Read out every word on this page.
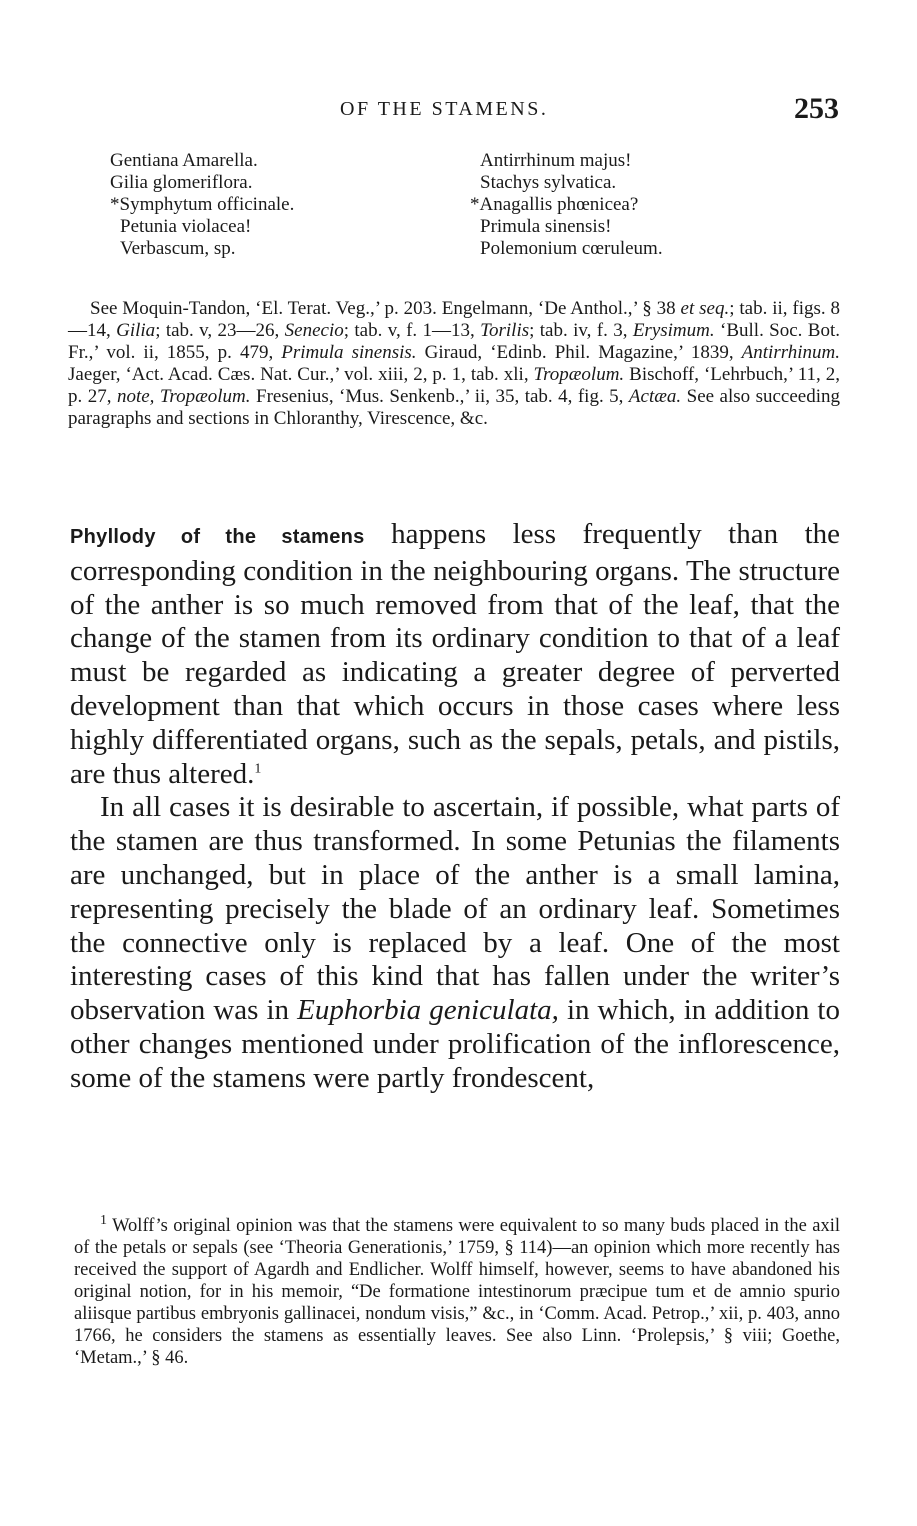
OF THE STAMENS.	253
Gentiana Amarella.
Gilia glomeriflora.
*Symphytum officinale.
Petunia violacea!
Verbascum, sp.
Antirrhinum majus!
Stachys sylvatica.
*Anagallis phœnicea?
Primula sinensis!
Polemonium cœruleum.

See Moquin-Tandon, ‘El. Terat. Veg.,’ p. 203. Engelmann, ‘De Anthol.,’ § 38 et seq.; tab. ii, figs. 8—14, Gilia; tab. v, 23—26, Senecio; tab. v, f. 1—13, Torilis; tab. iv, f. 3, Erysimum. ‘Bull. Soc. Bot. Fr.,’ vol. ii, 1855, p. 479, Primula sinensis. Giraud, ‘Edinb. Phil. Magazine,’ 1839, Antirrhinum. Jaeger, ‘Act. Acad. Cæs. Nat. Cur.,’ vol. xiii, 2, p. 1, tab. xli, Tropæolum. Bischoff, ‘Lehrbuch,’ 11, 2, p. 27, note, Tropæolum. Fresenius, ‘Mus. Senkenb.,’ ii, 35, tab. 4, fig. 5, Actæa. See also succeeding paragraphs and sections in Chloranthy, Virescence, &c.

Phyllody of the stamens happens less frequently than the corresponding condition in the neighbouring organs. The structure of the anther is so much removed from that of the leaf, that the change of the stamen from its ordinary condition to that of a leaf must be regarded as indicating a greater degree of perverted development than that which occurs in those cases where less highly differentiated organs, such as the sepals, petals, and pistils, are thus altered.$^1$

In all cases it is desirable to ascertain, if possible, what parts of the stamen are thus transformed. In some Petunias the filaments are unchanged, but in place of the anther is a small lamina, representing precisely the blade of an ordinary leaf. Sometimes the connective only is replaced by a leaf. One of the most interesting cases of this kind that has fallen under the writer’s observation was in Euphorbia geniculata, in which, in addition to other changes mentioned under prolification of the inflorescence, some of the stamens were partly frondescent,

$^1$ Wolff’s original opinion was that the stamens were equivalent to so many buds placed in the axil of the petals or sepals (see ‘Theoria Generationis,’ 1759, § 114)—an opinion which more recently has received the support of Agardh and Endlicher. Wolff himself, however, seems to have abandoned his original notion, for in his memoir, “De formatione intestinorum præcipue tum et de amnio spurio aliisque partibus embryonis gallinacei, nondum visis,” &c., in ‘Comm. Acad. Petrop.,’ xii, p. 403, anno 1766, he considers the stamens as essentially leaves. See also Linn. ‘Prolepsis,’ § viii; Goethe, ‘Metam.,’ § 46.
